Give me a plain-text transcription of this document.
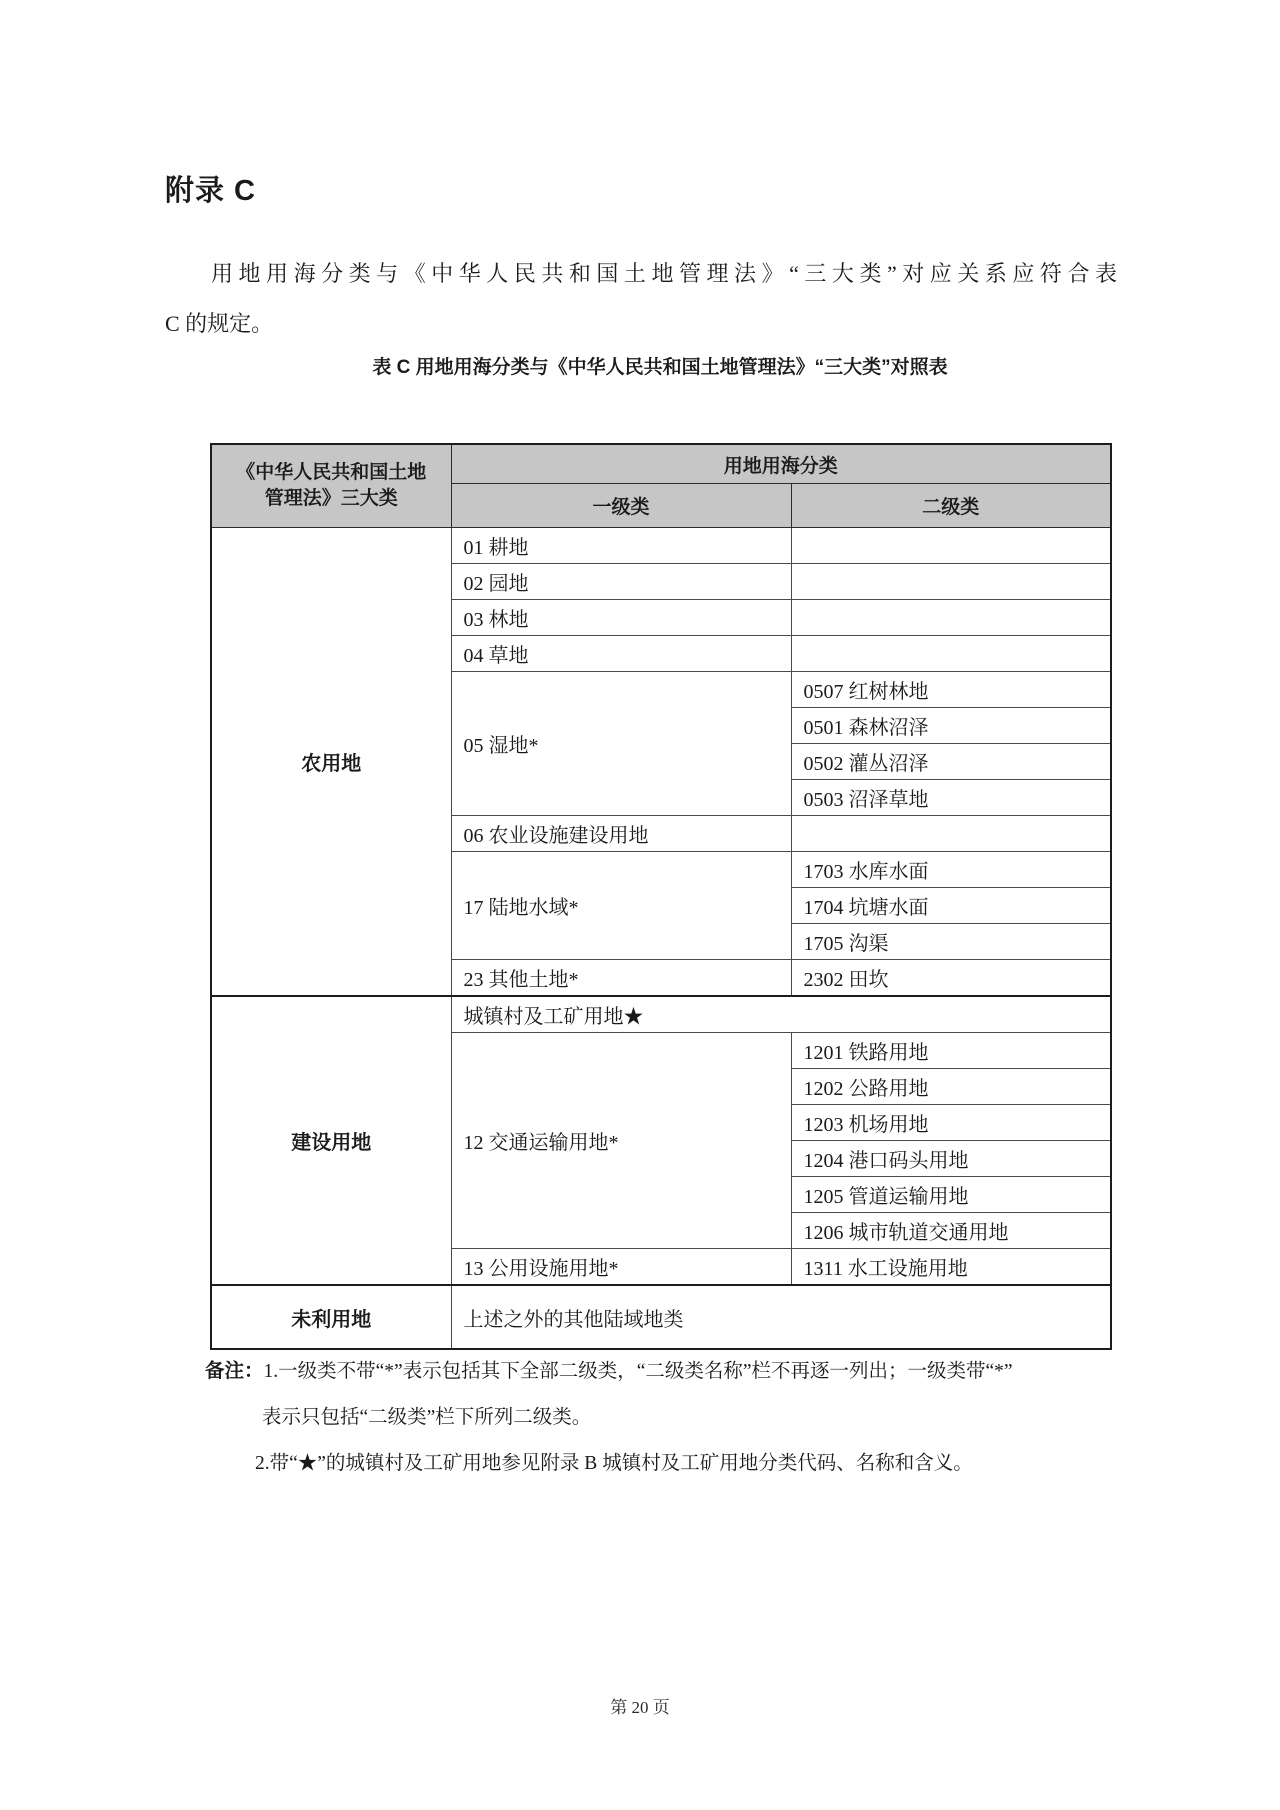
附录 C
用地用海分类与《中华人民共和国土地管理法》“三大类”对应关系应符合表
C 的规定。
表 C 用地用海分类与《中华人民共和国土地管理法》“三大类”对照表
《中华人民共和国土地
管理法》三大类	用地用海分类	
	一级类	二级类
农用地	01 耕地	
	02 园地	
	03 林地	
	04 草地	
	05 湿地*	0507 红树林地
		0501 森林沼泽
		0502 灌丛沼泽
		0503 沼泽草地
	06 农业设施建设用地	
	17 陆地水域*	1703 水库水面
		1704 坑塘水面
		1705 沟渠
	23 其他土地*	2302 田坎
建设用地	城镇村及工矿用地★	
	12 交通运输用地*	1201 铁路用地
		1202 公路用地
		1203 机场用地
		1204 港口码头用地
		1205 管道运输用地
		1206 城市轨道交通用地
	13 公用设施用地*	1311 水工设施用地
未利用地	上述之外的其他陆域地类	
备注：1.一级类不带“*”表示包括其下全部二级类，“二级类名称”栏不再逐一列出；一级类带“*”
表示只包括“二级类”栏下所列二级类。
2.带“★”的城镇村及工矿用地参见附录 B 城镇村及工矿用地分类代码、名称和含义。
第 20 页
